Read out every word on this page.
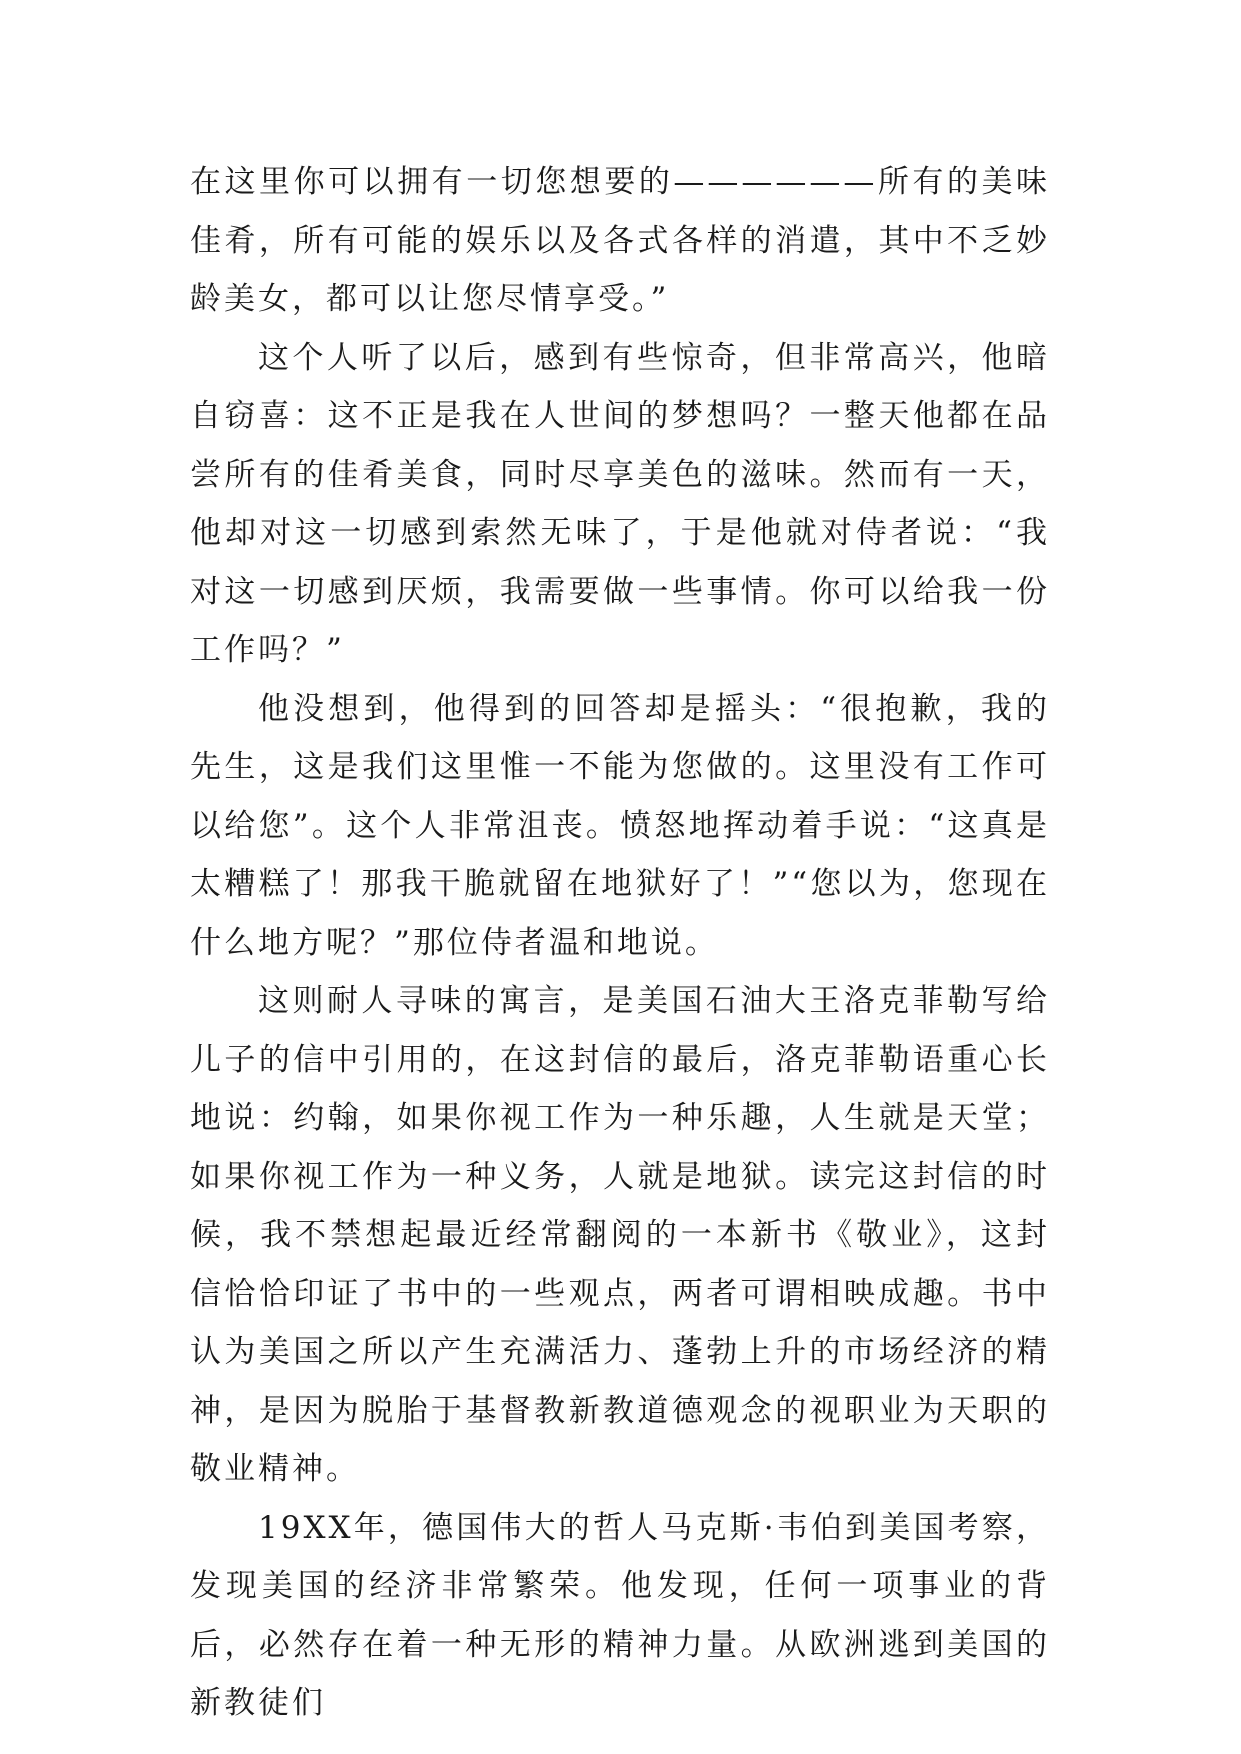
在这里你可以拥有一切您想要的——————所有的美味佳肴，所有可能的娱乐以及各式各样的消遣，其中不乏妙龄美女，都可以让您尽情享受。”

这个人听了以后，感到有些惊奇，但非常高兴，他暗自窃喜：这不正是我在人世间的梦想吗？一整天他都在品尝所有的佳肴美食，同时尽享美色的滋味。然而有一天，他却对这一切感到索然无味了，于是他就对侍者说：“我对这一切感到厌烦，我需要做一些事情。你可以给我一份工作吗？”

他没想到，他得到的回答却是摇头：“很抱歉，我的先生，这是我们这里惟一不能为您做的。这里没有工作可以给您”。这个人非常沮丧。愤怒地挥动着手说：“这真是太糟糕了！那我干脆就留在地狱好了！”“您以为，您现在什么地方呢？”那位侍者温和地说。

这则耐人寻味的寓言，是美国石油大王洛克菲勒写给儿子的信中引用的，在这封信的最后，洛克菲勒语重心长地说：约翰，如果你视工作为一种乐趣，人生就是天堂；如果你视工作为一种义务，人就是地狱。读完这封信的时候，我不禁想起最近经常翻阅的一本新书《敬业》，这封信恰恰印证了书中的一些观点，两者可谓相映成趣。书中认为美国之所以产生充满活力、蓬勃上升的市场经济的精神，是因为脱胎于基督教新教道德观念的视职业为天职的敬业精神。

19XX年，德国伟大的哲人马克斯·韦伯到美国考察，发现美国的经济非常繁荣。他发现，任何一项事业的背后，必然存在着一种无形的精神力量。从欧洲逃到美国的新教徒们
